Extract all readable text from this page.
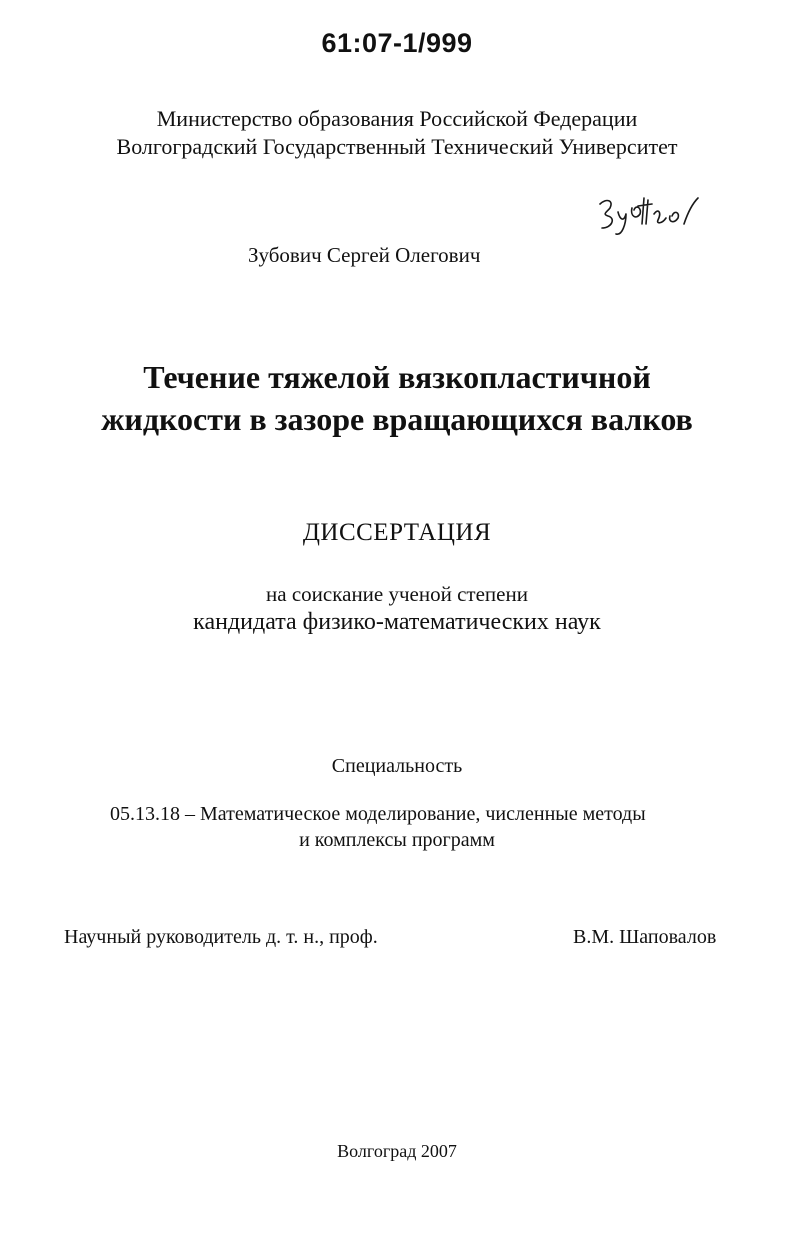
61:07-1/999
Министерство образования Российской Федерации
Волгоградский Государственный Технический Университет
Зубович Сергей Олегович
Течение тяжелой вязкопластичной
жидкости в зазоре вращающихся валков
ДИССЕРТАЦИЯ
на соискание ученой степени
кандидата физико-математических наук
Специальность
05.13.18 – Математическое моделирование, численные методы
и комплексы программ
Научный руководитель д. т. н., проф.	В.М. Шаповалов
Волгоград 2007
